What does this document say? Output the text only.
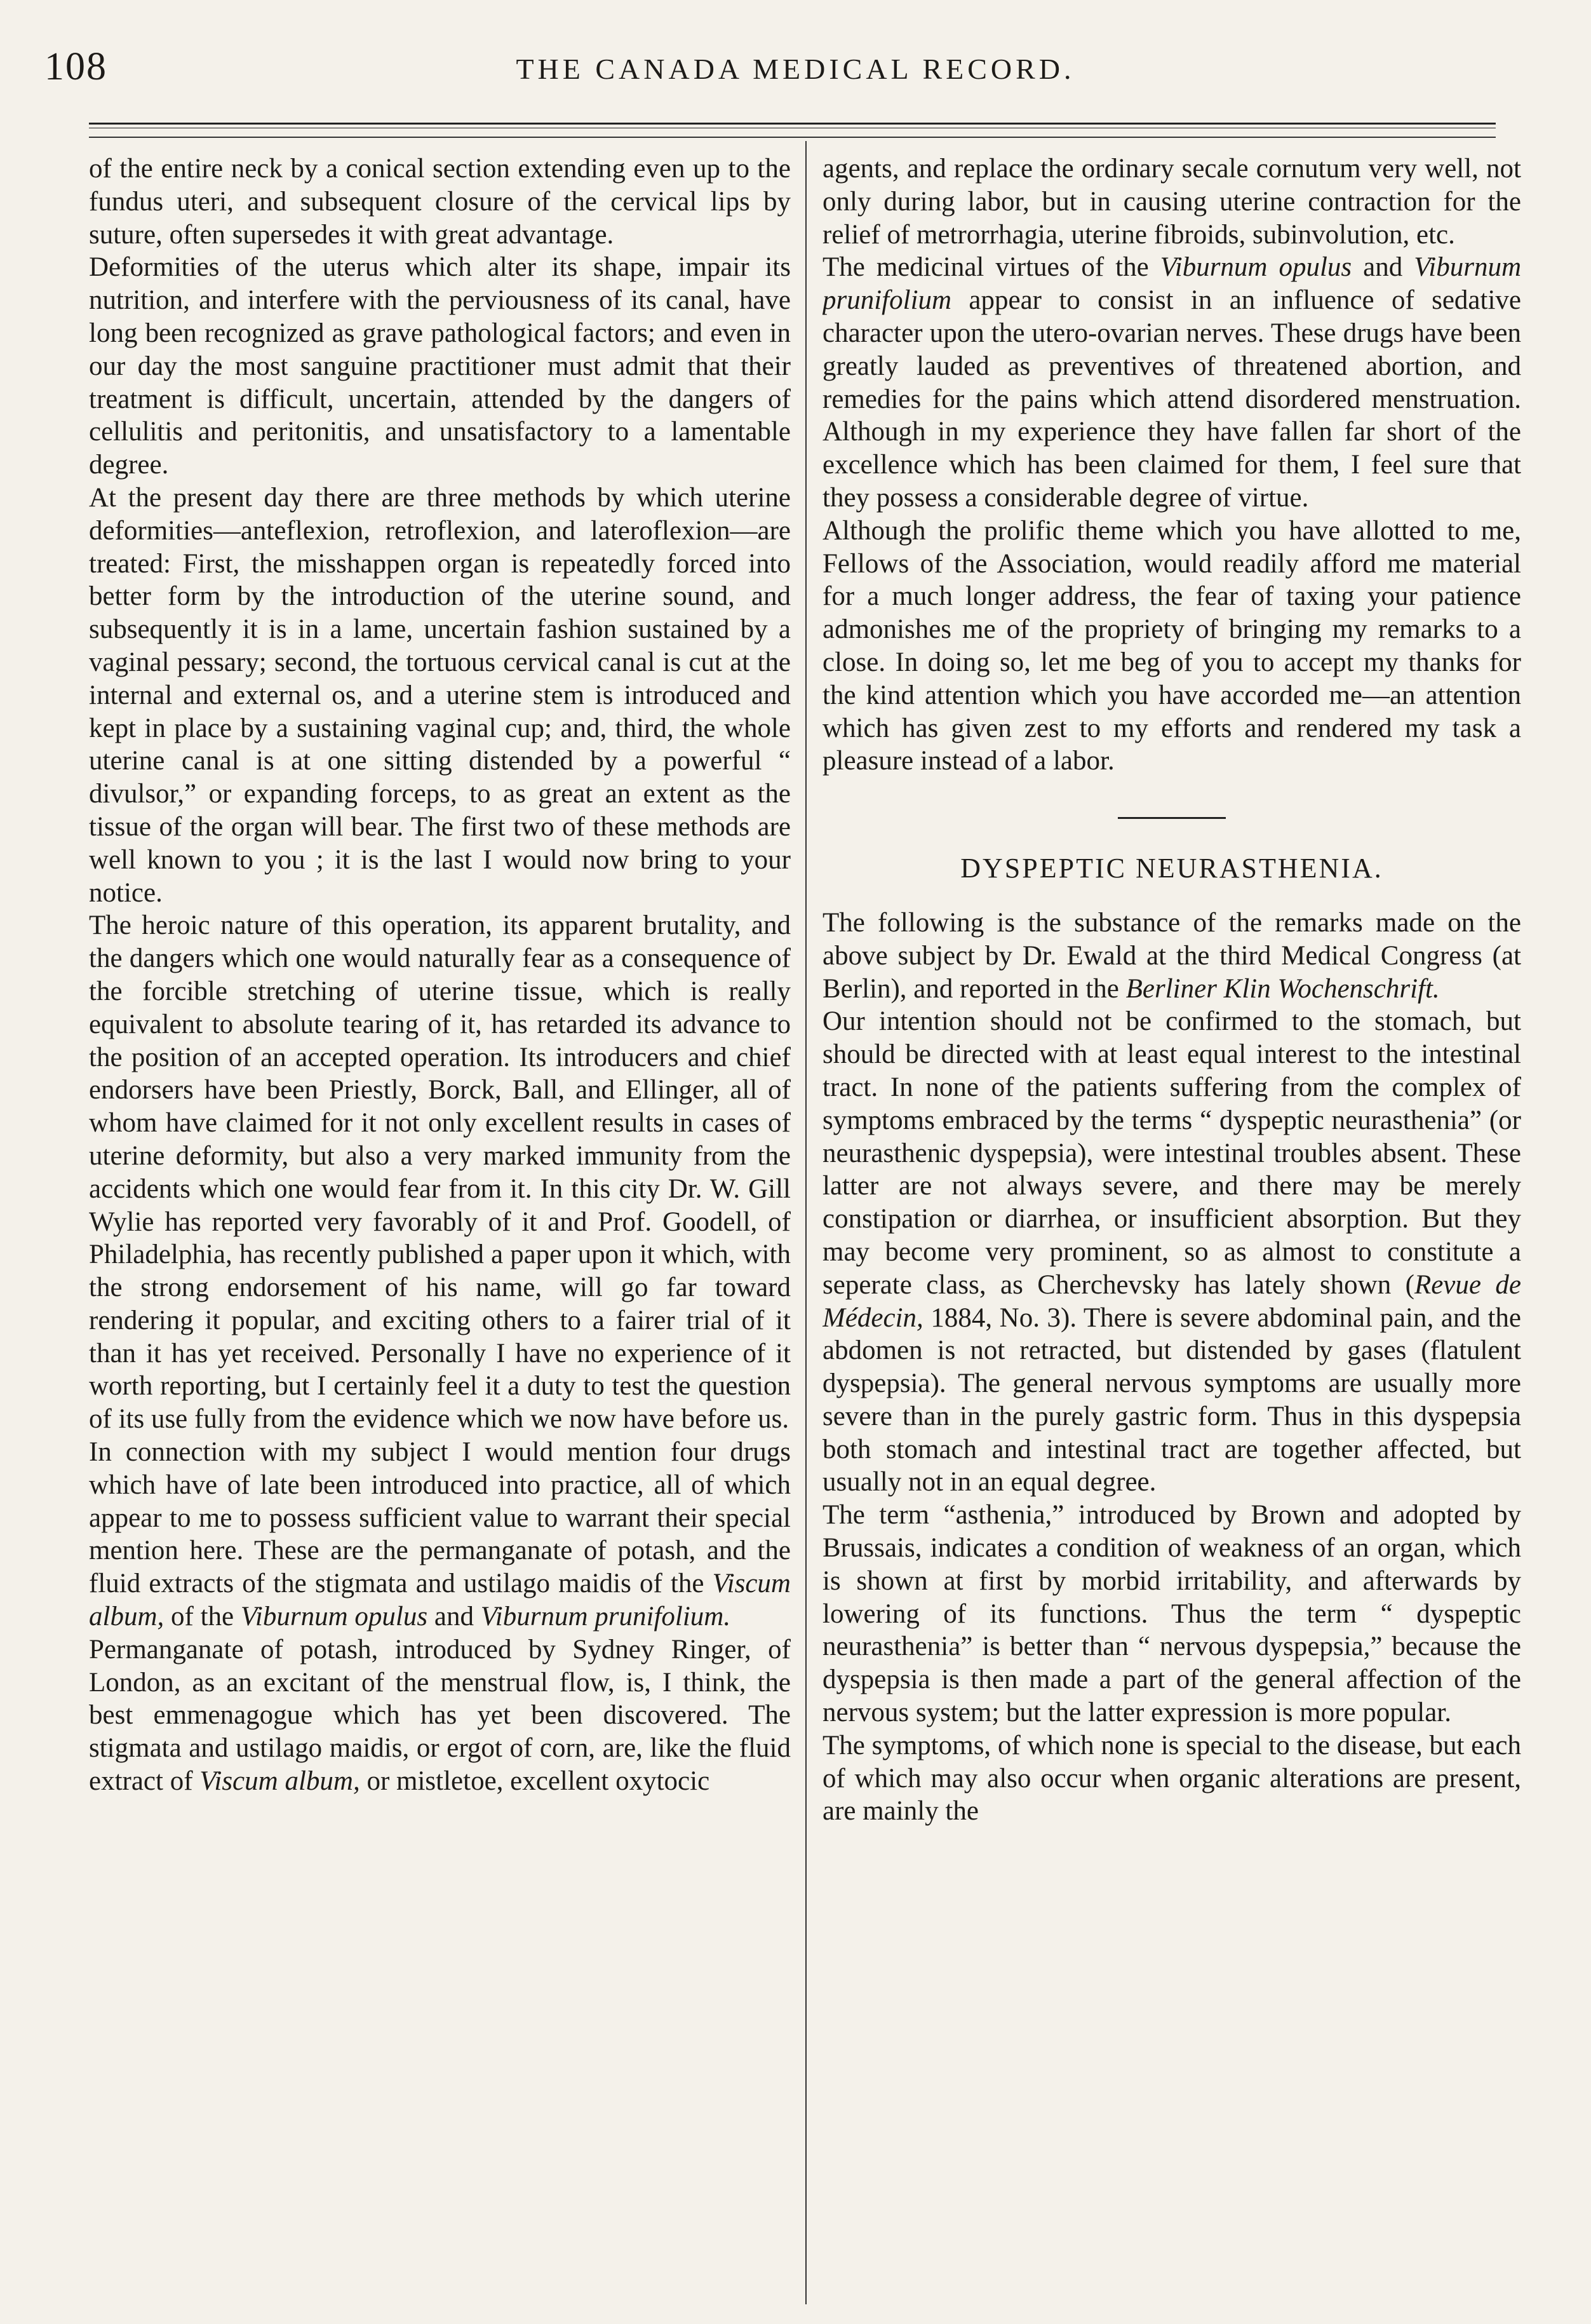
108	THE CANADA MEDICAL RECORD.

of the entire neck by a conical section extending even up to the fundus uteri, and subsequent closure of the cervical lips by suture, often supersedes it with great advantage.

Deformities of the uterus which alter its shape, impair its nutrition, and interfere with the perviousness of its canal, have long been recognized as grave pathological factors; and even in our day the most sanguine practitioner must admit that their treatment is difficult, uncertain, attended by the dangers of cellulitis and peritonitis, and unsatisfactory to a lamentable degree.

At the present day there are three methods by which uterine deformities—anteflexion, retroflexion, and lateroflexion—are treated: First, the misshappen organ is repeatedly forced into better form by the introduction of the uterine sound, and subsequently it is in a lame, uncertain fashion sustained by a vaginal pessary; second, the tortuous cervical canal is cut at the internal and external os, and a uterine stem is introduced and kept in place by a sustaining vaginal cup; and, third, the whole uterine canal is at one sitting distended by a powerful “ divulsor,” or expanding forceps, to as great an extent as the tissue of the organ will bear. The first two of these methods are well known to you ; it is the last I would now bring to your notice.

The heroic nature of this operation, its apparent brutality, and the dangers which one would naturally fear as a consequence of the forcible stretching of uterine tissue, which is really equivalent to absolute tearing of it, has retarded its advance to the position of an accepted operation. Its introducers and chief endorsers have been Priestly, Borck, Ball, and Ellinger, all of whom have claimed for it not only excellent results in cases of uterine deformity, but also a very marked immunity from the accidents which one would fear from it. In this city Dr. W. Gill Wylie has reported very favorably of it and Prof. Goodell, of Philadelphia, has recently published a paper upon it which, with the strong endorsement of his name, will go far toward rendering it popular, and exciting others to a fairer trial of it than it has yet received. Personally I have no experience of it worth reporting, but I certainly feel it a duty to test the question of its use fully from the evidence which we now have before us.

In connection with my subject I would mention four drugs which have of late been introduced into practice, all of which appear to me to possess sufficient value to warrant their special mention here. These are the permanganate of potash, and the fluid extracts of the stigmata and ustilago maidis of the Viscum album, of the Viburnum opulus and Viburnum prunifolium.

Permanganate of potash, introduced by Sydney Ringer, of London, as an excitant of the menstrual flow, is, I think, the best emmenagogue which has yet been discovered. The stigmata and ustilago maidis, or ergot of corn, are, like the fluid extract of Viscum album, or mistletoe, excellent oxytocic

agents, and replace the ordinary secale cornutum very well, not only during labor, but in causing uterine contraction for the relief of metrorrhagia, uterine fibroids, subinvolution, etc.

The medicinal virtues of the Viburnum opulus and Viburnum prunifolium appear to consist in an influence of sedative character upon the utero-ovarian nerves. These drugs have been greatly lauded as preventives of threatened abortion, and remedies for the pains which attend disordered menstruation. Although in my experience they have fallen far short of the excellence which has been claimed for them, I feel sure that they possess a considerable degree of virtue.

Although the prolific theme which you have allotted to me, Fellows of the Association, would readily afford me material for a much longer address, the fear of taxing your patience admonishes me of the propriety of bringing my remarks to a close. In doing so, let me beg of you to accept my thanks for the kind attention which you have accorded me—an attention which has given zest to my efforts and rendered my task a pleasure instead of a labor.

DYSPEPTIC NEURASTHENIA.

The following is the substance of the remarks made on the above subject by Dr. Ewald at the third Medical Congress (at Berlin), and reported in the Berliner Klin Wochenschrift.

Our intention should not be confirmed to the stomach, but should be directed with at least equal interest to the intestinal tract. In none of the patients suffering from the complex of symptoms embraced by the terms “ dyspeptic neurasthenia” (or neurasthenic dyspepsia), were intestinal troubles absent. These latter are not always severe, and there may be merely constipation or diarrhea, or insufficient absorption. But they may become very prominent, so as almost to constitute a seperate class, as Cherchevsky has lately shown (Revue de Médecin, 1884, No. 3). There is severe abdominal pain, and the abdomen is not retracted, but distended by gases (flatulent dyspepsia). The general nervous symptoms are usually more severe than in the purely gastric form. Thus in this dyspepsia both stomach and intestinal tract are together affected, but usually not in an equal degree.

The term “asthenia,” introduced by Brown and adopted by Brussais, indicates a condition of weakness of an organ, which is shown at first by morbid irritability, and afterwards by lowering of its functions. Thus the term “ dyspeptic neurasthenia” is better than “ nervous dyspepsia,” because the dyspepsia is then made a part of the general affection of the nervous system; but the latter expression is more popular.

The symptoms, of which none is special to the disease, but each of which may also occur when organic alterations are present, are mainly the
